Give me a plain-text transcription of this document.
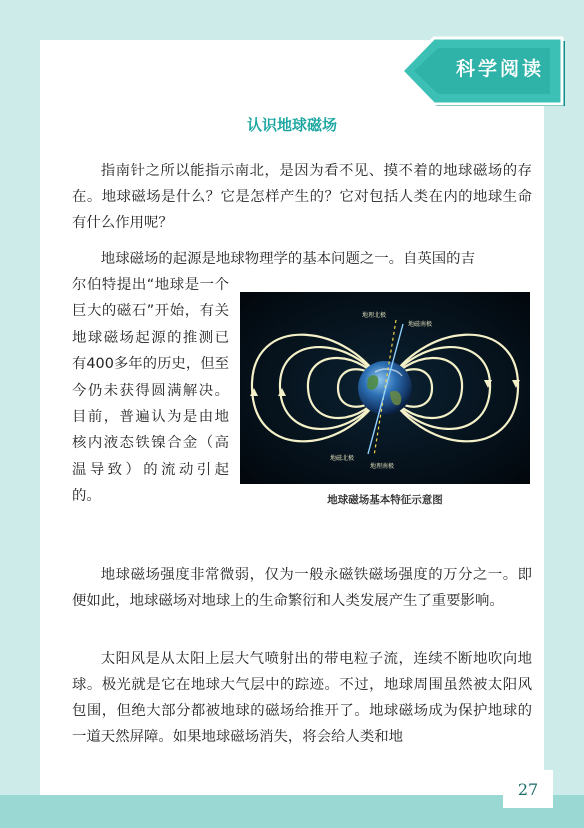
科学阅读
认识地球磁场

指南针之所以能指示南北，是因为看不见、摸不着的地球磁场的存在。地球磁场是什么？它是怎样产生的？它对包括人类在内的地球生命有什么作用呢？

地球磁场的起源是地球物理学的基本问题之一。自英国的吉

尔伯特提出“地球是一个巨大的磁石”开始，有关地球磁场起源的推测已有400多年的历史，但至今仍未获得圆满解决。目前，普遍认为是由地核内液态铁镍合金（高温导致）的流动引起的。

地理北极
地磁南极
地磁北极
地理南极
地球磁场基本特征示意图

地球磁场强度非常微弱，仅为一般永磁铁磁场强度的万分之一。即便如此，地球磁场对地球上的生命繁衍和人类发展产生了重要影响。

太阳风是从太阳上层大气喷射出的带电粒子流，连续不断地吹向地球。极光就是它在地球大气层中的踪迹。不过，地球周围虽然被太阳风包围，但绝大部分都被地球的磁场给推开了。地球磁场成为保护地球的一道天然屏障。如果地球磁场消失，将会给人类和地

27
